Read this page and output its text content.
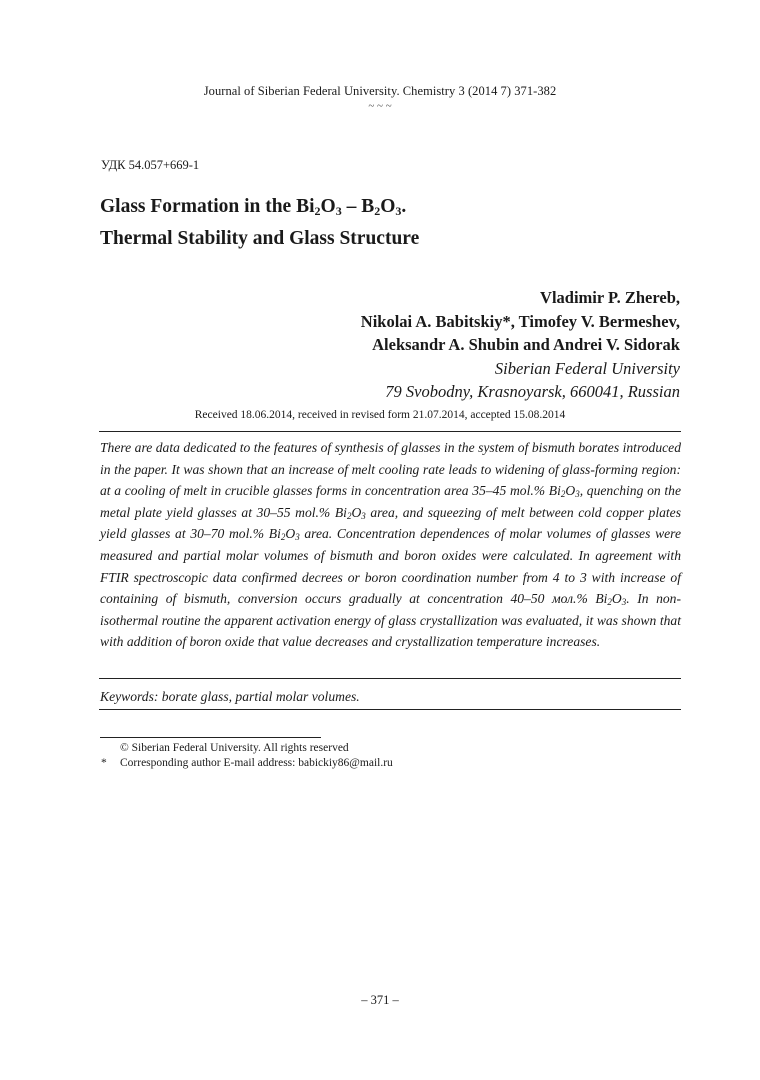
Journal of Siberian Federal University. Chemistry 3 (2014 7) 371-382
~ ~ ~
УДК 54.057+669-1
Glass Formation in the $Bi_2O_3 - B_2O_3$.
Thermal Stability and Glass Structure
Vladimir P. Zhereb,
Nikolai A. Babitskiy*, Timofey V. Bermeshev,
Aleksandr A. Shubin and Andrei V. Sidorak
Siberian Federal University
79 Svobodny, Krasnoyarsk, 660041, Russian
Received 18.06.2014, received in revised form 21.07.2014, accepted 15.08.2014
There are data dedicated to the features of synthesis of glasses in the system of bismuth borates introduced in the paper. It was shown that an increase of melt cooling rate leads to widening of glass-forming region: at a cooling of melt in crucible glasses forms in concentration area 35–45 mol.% $Bi_2O_3$, quenching on the metal plate yield glasses at 30–55 mol.% $Bi_2O_3$ area, and squeezing of melt between cold copper plates yield glasses at 30–70 mol.% $Bi_2O_3$ area. Concentration dependences of molar volumes of glasses were measured and partial molar volumes of bismuth and boron oxides were calculated. In agreement with FTIR spectroscopic data confirmed decrees or boron coordination number from 4 to 3 with increase of containing of bismuth, conversion occurs gradually at concentration 40–50 мол.% $Bi_2O_3$. In non-isothermal routine the apparent activation energy of glass crystallization was evaluated, it was shown that with addition of boron oxide that value decreases and crystallization temperature increases.
Keywords: borate glass, partial molar volumes.
© Siberian Federal University. All rights reserved
* Corresponding author E-mail address: babickiy86@mail.ru
– 371 –
